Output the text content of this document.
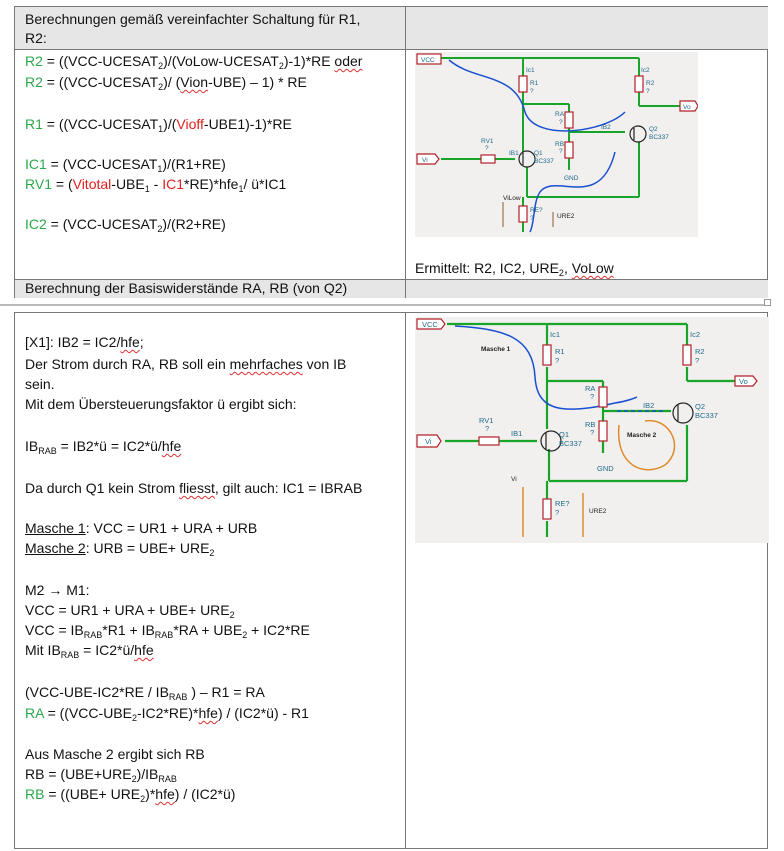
Berechnungen gemäß vereinfachter Schaltung für R1,
R2:
$R2 = ((VCC-UCESAT_2)/(VoLow-UCESAT_2)-1)*RE$ oder
$R2 = ((VCC-UCESAT_2)/$ (Vion-UBE) – 1) * RE
$R1 = ((VCC-UCESAT_1)/(Vioff-UBE1)-1)*RE$
$IC1 = (VCC-UCESAT_1)/(R1+RE)$
$RV1 = (Vitotal-UBE_1 - IC1*RE)*hfe_1/$ ü*IC1
$IC2 = (VCC-UCESAT_2)/(R2+RE)$
Ermittelt: R2, IC2, $URE_2$, VoLow
Berechnung der Basiswiderstände RA, RB (von Q2)
VCC
Ic1	Ic2
R1
?
R2
?
Vo
RA
?
IB2	Q2
BC337
RV1
?
RB
?
IB1 Q1
BC337
Vi
GND
ViLow
RE?
?	URE2
[X1]: IB2 = IC2/hfe;
Der Strom durch RA, RB soll ein mehrfaches von IB
sein.
Mit dem Übersteuerungsfaktor ü ergibt sich:
$IB_{RAB}$ = IB2*ü = IC2*ü/hfe
Da durch Q1 kein Strom fliesst, gilt auch: IC1 = IBRAB
Masche 1: VCC = UR1 + URA + URB
Masche 2: URB = $UBE+ URE_2$
M2 → M1:
VCC = UR1 + URA + $UBE+ URE_2$
VCC = $IB_{RAB}*R1 + IB_{RAB}*RA + UBE_2 + IC2*RE$
Mit $IB_{RAB}$ = IC2*ü/hfe
($VCC-UBE-IC2*RE / IB_{RAB}$ ) – R1 = RA
RA = $((VCC-UBE_2-IC2*RE)*hfe)$ / (IC2*ü) - R1
Aus Masche 2 ergibt sich RB
RB = $(UBE+URE_2)/IB_{RAB}$
RB = $((UBE+ URE_2)*hfe)$ / (IC2*ü)
VCC
Ic1	Ic2
Masche 1	R1
?
R2
?
Vo
RA
?
IB2	Q2
BC337
RV1
?	RB
?	Masche 2
IB1	Q1
BC337
Vi
GND
Vi
RE?
?	URE2
